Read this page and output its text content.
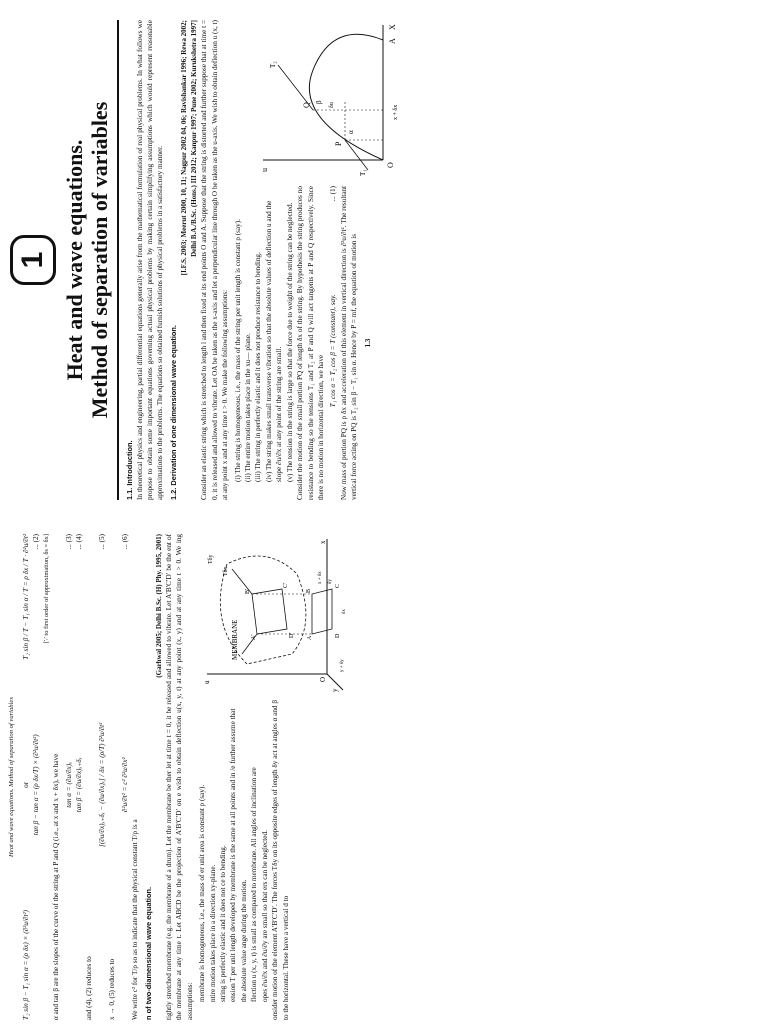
1 Heat and wave equations. Method of separation of variables
1.1. Introduction. In theoretical physics and engineering, partial differential equations generally arise from the mathematical formulation of real physical problems. In what follows we propose to obtain some important equations governing actual physical problems by making certain simplifying assumptions which would represent reasonable approximations to the problems. The equations so obtained furnish solutions of physical problems in a satisfactory manner. 1.2. Derivation of one dimensional wave equation.
[I.F.S. 2003; Meerut 2000, 10, 11; Nagpur 2002 04, 06; Ravishankar 1996; Rewa 2002; Delhi B.A./B.Sc. (Hons.) III 2012; Kanpur 1997; Pune 2002; Kurukshetra 1997] Consider an elastic string which is stretched to length l and then fixed at its end points O and A. Suppose that the string is distorted and further suppose that at time t = 0, it is released and allowed to vibrate. Let OA be taken as the x-axis and let a perpendicular line through O be taken as the u-axis. We wish to obtain deflection u (x, t) at any point x and at any time t > 0. We make the following assumptions: (i) The string is homogeneous, i.e., the mass of the string per unit length is constant ρ (say). (ii) The entire motion takes place in the xu— plane.
u
O
P
Q
A
X
T₁
T₂
α
β
x + δx
δu
(iii) The string in perfectly elastic and it does not produce resistance to bending. (iv) The string makes small transverse vibration so that the absolute values of deflection u and the slope ∂u/∂x at any point of the string are small. (v) The tension in the string is large so that the force due to weight of the string can be neglected. Consider the motion of the small portion PQ of length δx of the string. By hypothesis the string produces no resistance to bending so the tensions T₁ and T₂ at P and Q will act tangents at P and Q respectively. Since there is no motion in horizontal direction, we have

T₁ cos α = T₂ cos β = T (constant), say.
... (1) Now mass of portion PQ is ρ δx and acceleration of this element in vertical direction is ∂²u/∂t². The resultant vertical force acting on PQ is T₂ sin β − T₁ sin α. Hence by P = mf, the equation of motion is 1.3
Heat and wave equations. Method of separation of variables
T₂ sin β − T₁ sin α = (ρ δx) × (∂²u/∂t²)
or
T₂ sin β / T − T₁ sin α / T = ρ δx / T · ∂²u/∂t²
tan β − tan α = (ρ δx/T) × (∂²u/∂t²)
... (2) [∵ to first order of approximation, δs = δx]

α and tan β are the slopes of the curve of the string at P and Q (i.e., at x and x + δx), we have tan α = (∂u/∂x)ₓ
... (3)
tan β = (∂u/∂x)ₓ₊δₓ
... (4)

and (4), (2) reduces to

[(∂u/∂x)ₓ₊δₓ − (∂u/∂x)ₓ] / δx = (ρ/T) ∂²u/∂t²
... (5)

x → 0, (5) reduces to

∂²u/∂t² = c² ∂²u/∂x²
... (6)

We write c² for T/ρ so as to indicate that the physical constant T/ρ is a n of two-diamensional wave equation.
(Garhwal 2005; Delhi B.Sc. (H) Phy. 1995, 2001) tightly stretched membrane (e.g. the membrane of a drum). Let the membrane be ther let at time t = 0, it be released and allowed to vibrate. Let A′B′C′D′ be the ent of the membrane at any time t. Let ABCD be the projection of A′B′C′D′ on e wish to obtain deflection u(x, y, t) at any point (x, y) and at any time t > 0. We ing assumptions:

MEMBRANE
Tδx
Tδy
u
O
A′
B′
C′
D′ A
B
C
D
x
y
x + δx
y + δy
δx
δy
membrane is homogeneous, i.e., the mass of er unit area is constant ρ (say). ntire motion takes place in a direction xy-plane. string is perfectly elastic and it does not ce to bending. ension T per unit length developed by membrane is the same at all points and in /e further assume that the absolute value ange during the motion. flection u (x, y, t) is small as compared to membrane. All angles of inclination are opes ∂u/∂x and ∂u/∂y are small so that ers can be neglected. onsider motion of the element A′B′C′D′. The forces Tδy on its opposite edges of length δy act at angles α and β to the horizontal. These have a vertical d to
